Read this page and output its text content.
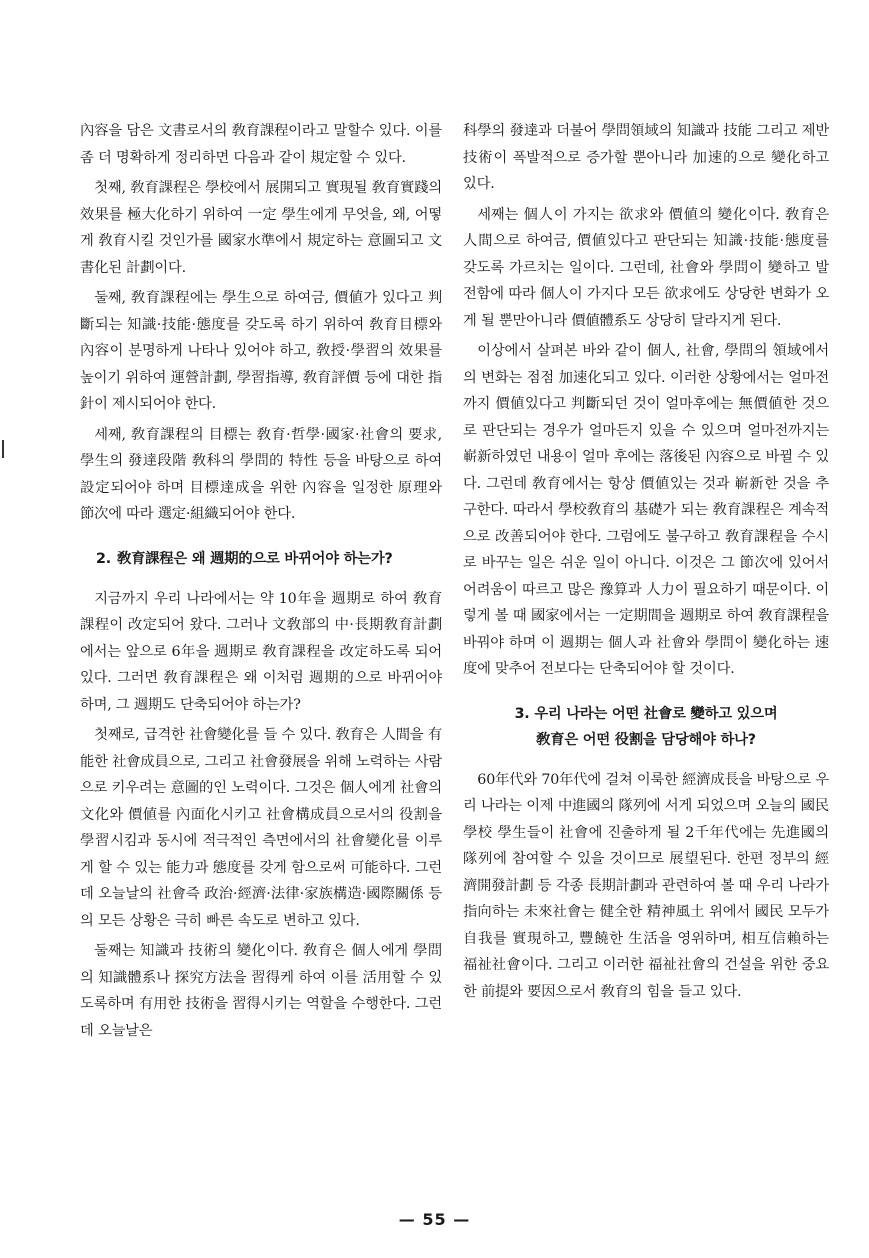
內容을 담은 文書로서의 敎育課程이라고 말할수 있다. 이를 좀 더 명확하게 정리하면 다음과 같이 規定할 수 있다.

첫째, 敎育課程은 學校에서 展開되고 實現될 敎育實踐의 效果를 極大化하기 위하여 一定 學生에게 무엇을, 왜, 어떻게 敎育시킬 것인가를 國家水準에서 規定하는 意圖되고 文書化된 計劃이다.

둘째, 敎育課程에는 學生으로 하여금, 價値가 있다고 判斷되는 知識·技能·態度를 갖도록 하기 위하여 敎育目標와 內容이 분명하게 나타나 있어야 하고, 敎授·學習의 效果를 높이기 위하여 運營計劃, 學習指導, 敎育評價 등에 대한 指針이 제시되어야 한다.

세째, 敎育課程의 目標는 敎育·哲學·國家·社會의 要求, 學生의 發達段階 敎科의 學問的 特性 등을 바탕으로 하여 設定되어야 하며 目標達成을 위한 內容을 일정한 原理와 節次에 따라 選定·組織되어야 한다.

2. 敎育課程은 왜 週期的으로 바뀌어야 하는가?

지금까지 우리 나라에서는 약 10年을 週期로 하여 敎育課程이 改定되어 왔다. 그러나 文敎部의 中·長期敎育計劃에서는 앞으로 6年을 週期로 敎育課程을 改定하도록 되어 있다. 그러면 敎育課程은 왜 이처럼 週期的으로 바뀌어야 하며, 그 週期도 단축되어야 하는가?

첫째로, 급격한 社會變化를 들 수 있다. 敎育은 人間을 有能한 社會成員으로, 그리고 社會發展을 위해 노력하는 사람으로 키우려는 意圖的인 노력이다. 그것은 個人에게 社會의 文化와 價値를 內面化시키고 社會構成員으로서의 役割을 學習시킴과 동시에 적극적인 측면에서의 社會變化를 이루게 할 수 있는 能力과 態度를 갖게 함으로써 可能하다. 그런데 오늘날의 社會즉 政治·經濟·法律·家族構造·國際關係 등의 모든 상황은 극히 빠른 속도로 변하고 있다.

둘째는 知識과 技術의 變化이다. 敎育은 個人에게 學問의 知識體系나 探究方法을 習得케 하여 이를 活用할 수 있도록하며 有用한 技術을 習得시키는 역할을 수행한다. 그런데 오늘날은

科學의 發達과 더불어 學問領域의 知識과 技能 그리고 제반 技術이 폭발적으로 증가할 뿐아니라 加速的으로 變化하고 있다.

세째는 個人이 가지는 欲求와 價値의 變化이다. 敎育은 人間으로 하여금, 價値있다고 판단되는 知識·技能·態度를 갖도록 가르치는 일이다. 그런데, 社會와 學問이 變하고 발전함에 따라 個人이 가지다 모든 欲求에도 상당한 변화가 오게 될 뿐만아니라 價値體系도 상당히 달라지게 된다.

이상에서 살펴본 바와 같이 個人, 社會, 學問의 領域에서의 변화는 점점 加速化되고 있다. 이러한 상황에서는 얼마전까지 價値있다고 判斷되던 것이 얼마후에는 無價値한 것으로 판단되는 경우가 얼마든지 있을 수 있으며 얼마전까지는 嶄新하였던 내용이 얼마 후에는 落後된 內容으로 바뀔 수 있다. 그런데 敎育에서는 항상 價値있는 것과 嶄新한 것을 추구한다. 따라서 學校敎育의 基礎가 되는 敎育課程은 계속적으로 改善되어야 한다. 그럼에도 불구하고 敎育課程을 수시로 바꾸는 일은 쉬운 일이 아니다. 이것은 그 節次에 있어서 어려움이 따르고 많은 豫算과 人力이 필요하기 때문이다. 이렇게 볼 때 國家에서는 一定期間을 週期로 하여 敎育課程을 바꿔야 하며 이 週期는 個人과 社會와 學問이 變化하는 速度에 맞추어 전보다는 단축되어야 할 것이다.

3. 우리 나라는 어떤 社會로 變하고 있으며
敎育은 어떤 役割을 담당해야 하나?

60年代와 70年代에 걸쳐 이룩한 經濟成長을 바탕으로 우리 나라는 이제 中進國의 隊列에 서게 되었으며 오늘의 國民學校 學生들이 社會에 진출하게 될 2千年代에는 先進國의 隊列에 참여할 수 있을 것이므로 展望된다. 한편 정부의 經濟開發計劃 등 각종 長期計劃과 관련하여 볼 때 우리 나라가 指向하는 未來社會는 健全한 精神風土 위에서 國民 모두가 自我를 實現하고, 豐饒한 生活을 영위하며, 相互信賴하는 福祉社會이다. 그리고 이러한 福祉社會의 건설을 위한 중요한 前提와 要因으로서 敎育의 힘을 들고 있다.

— 55 —
